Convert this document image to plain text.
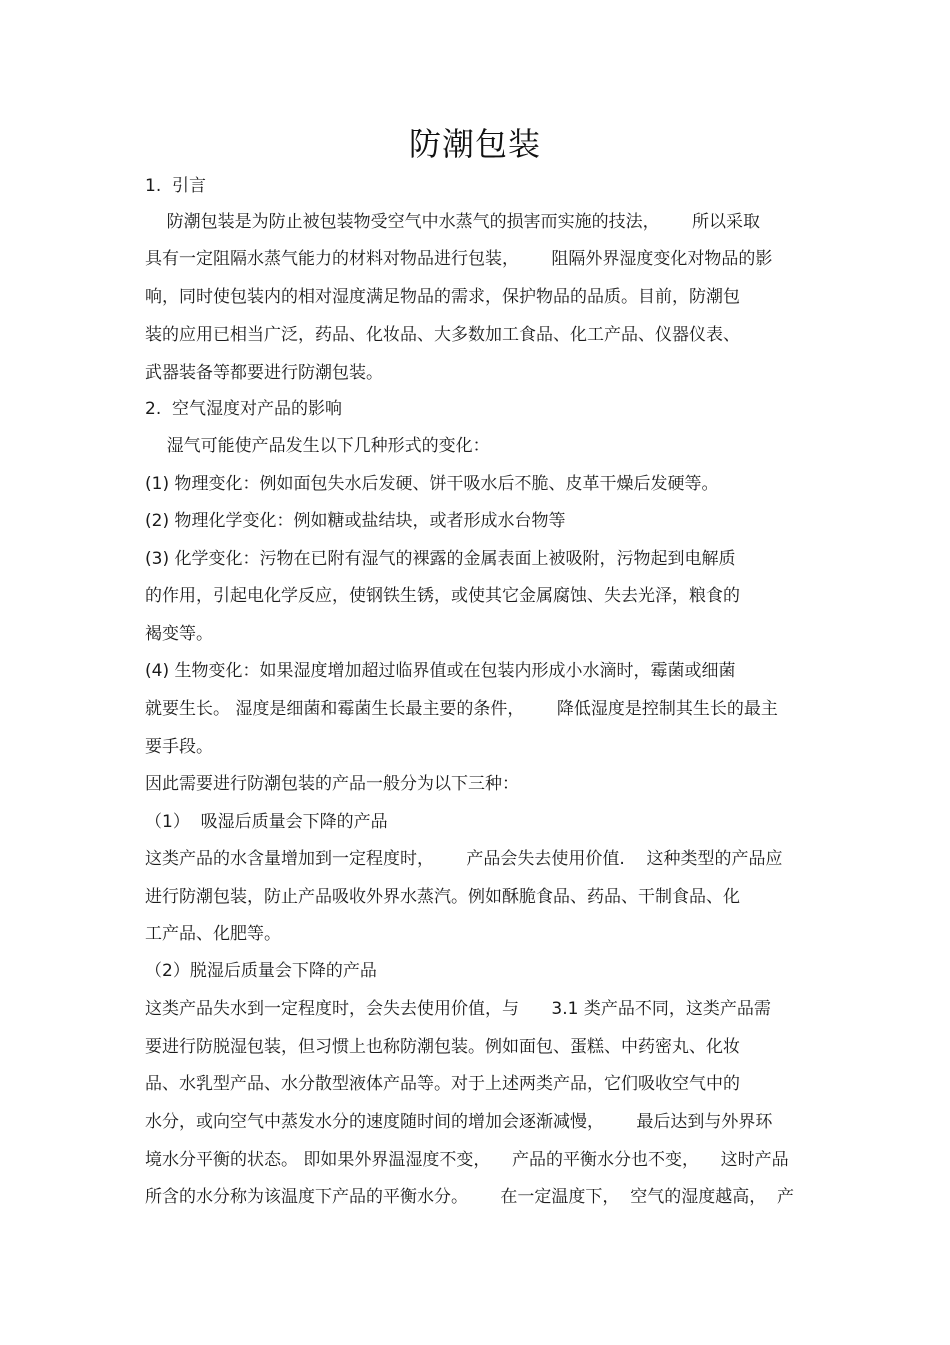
防潮包装
1.  引言
防潮包装是为防止被包装物受空气中水蒸气的损害而实施的技法，      所以采取
具有一定阻隔水蒸气能力的材料对物品进行包装，      阻隔外界湿度变化对物品的影
响，同时使包装内的相对湿度满足物品的需求，保护物品的品质。目前，防潮包
装的应用已相当广泛，药品、化妆品、大多数加工食品、化工产品、仪器仪表、
武器装备等都要进行防潮包装。
2.  空气湿度对产品的影响
湿气可能使产品发生以下几种形式的变化：
(1) 物理变化：例如面包失水后发硬、饼干吸水后不脆、皮革干燥后发硬等。
(2) 物理化学变化：例如糖或盐结块，或者形成水台物等
(3) 化学变化：污物在已附有湿气的裸露的金属表面上被吸附，污物起到电解质
的作用，引起电化学反应，使钢铁生锈，或使其它金属腐蚀、失去光泽，粮食的
褐变等。
(4) 生物变化：如果湿度增加超过临界值或在包装内形成小水滴时，霉菌或细菌
就要生长。 湿度是细菌和霉菌生长最主要的条件，      降低湿度是控制其生长的最主
要手段。
因此需要进行防潮包装的产品一般分为以下三种：
（1）  吸湿后质量会下降的产品
这类产品的水含量增加到一定程度时，      产品会失去使用价值.    这种类型的产品应
进行防潮包装，防止产品吸收外界水蒸汽。例如酥脆食品、药品、干制食品、化
工产品、化肥等。
（2）脱湿后质量会下降的产品
这类产品失水到一定程度时，会失去使用价值，与      3.1 类产品不同，这类产品需
要进行防脱湿包装，但习惯上也称防潮包装。例如面包、蛋糕、中药密丸、化妆
品、水乳型产品、水分散型液体产品等。对于上述两类产品，它们吸收空气中的
水分，或向空气中蒸发水分的速度随时间的增加会逐渐减慢，      最后达到与外界环
境水分平衡的状态。 即如果外界温湿度不变，    产品的平衡水分也不变，    这时产品
所含的水分称为该温度下产品的平衡水分。      在一定温度下，  空气的湿度越高，  产
